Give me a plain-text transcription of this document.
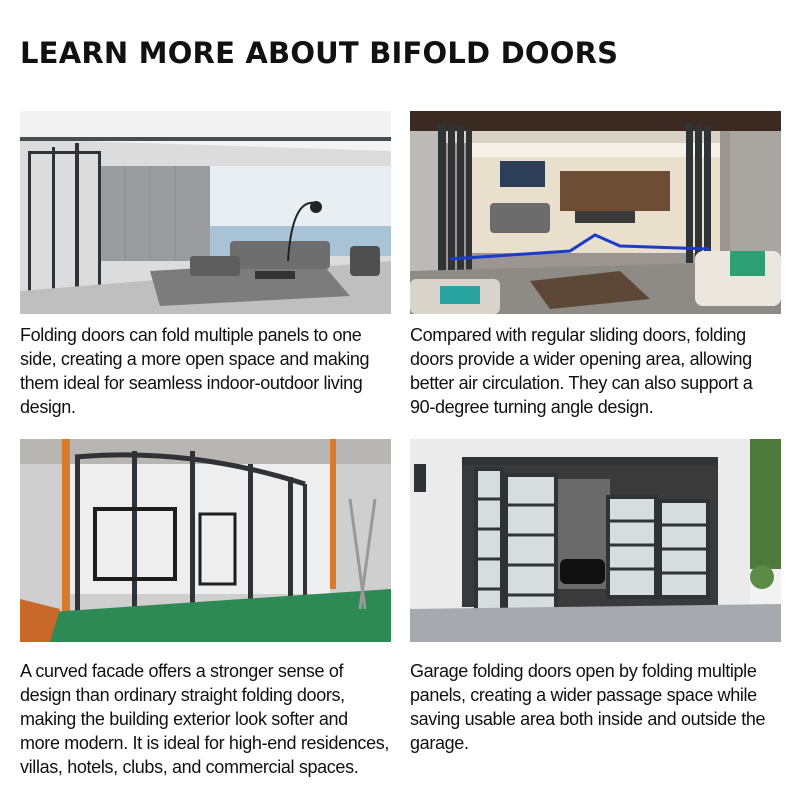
LEARN MORE ABOUT BIFOLD DOORS
Folding doors can fold multiple panels to one side, creating a more open space and making them ideal for seamless indoor-outdoor living design.
Compared with regular sliding doors, folding doors provide a wider opening area, allowing better air circulation. They can also support a 90-degree turning angle design.
A curved facade offers a stronger sense of design than ordinary straight folding doors, making the building exterior look softer and more modern. It is ideal for high-end residences, villas, hotels, clubs, and commercial spaces.
Garage folding doors open by folding multiple panels, creating a wider passage space while saving usable area both inside and outside the garage.
